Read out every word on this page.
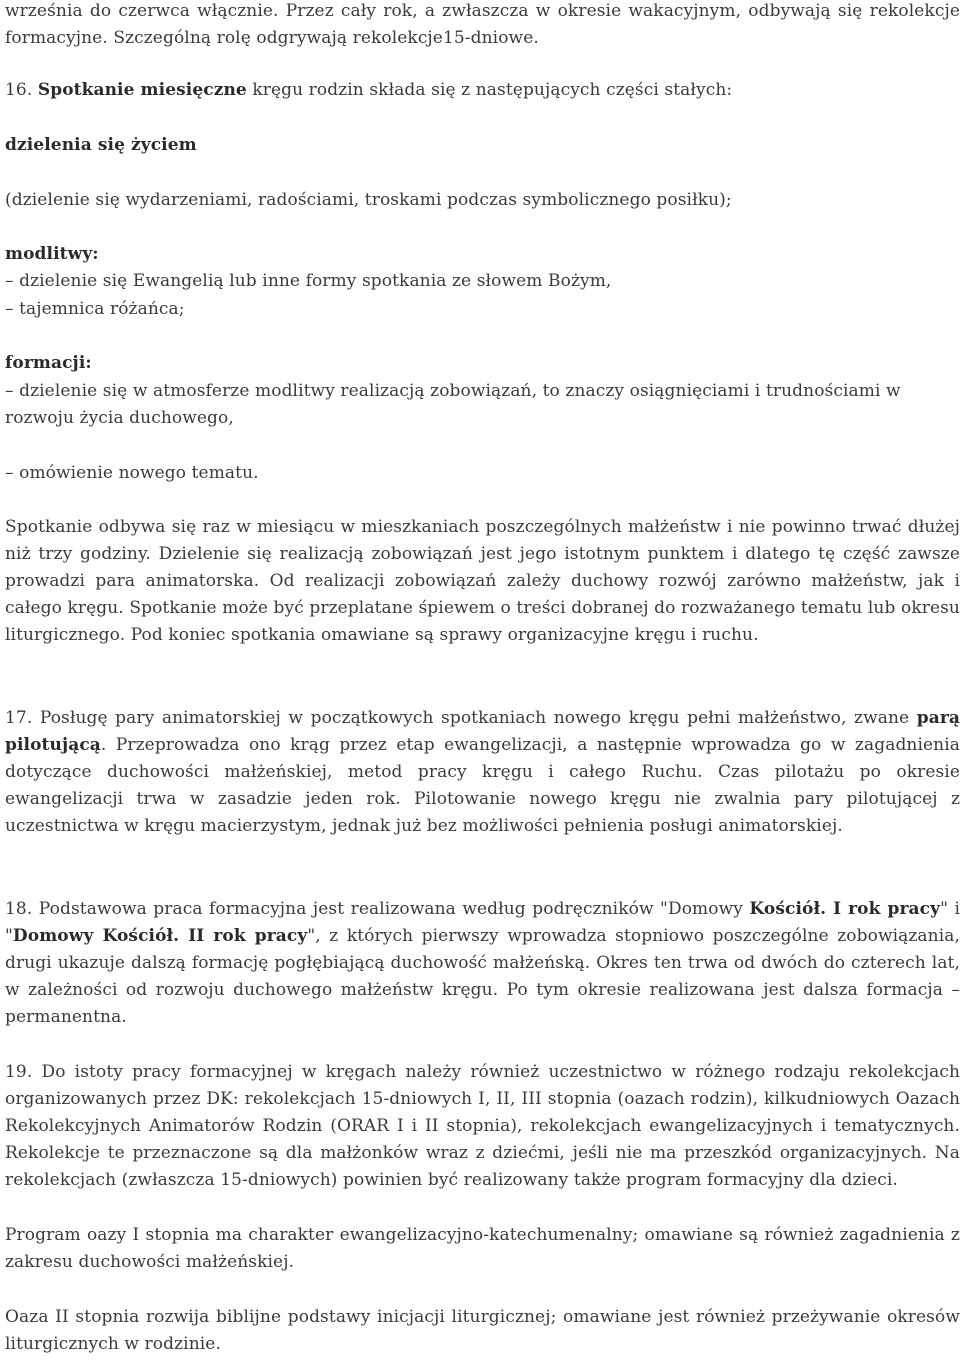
września do czerwca włącznie. Przez cały rok, a zwłaszcza w okresie wakacyjnym, odbywają się rekolekcje formacyjne. Szczególną rolę odgrywają rekolekcje15-dniowe.

16. Spotkanie miesięczne kręgu rodzin składa się z następujących części stałych:

dzielenia się życiem

(dzielenie się wydarzeniami, radościami, troskami podczas symbolicznego posiłku);

modlitwy:

– dzielenie się Ewangelią lub inne formy spotkania ze słowem Bożym,

– tajemnica różańca;

formacji:

– dzielenie się w atmosferze modlitwy realizacją zobowiązań, to znaczy osiągnięciami i trudnościami w rozwoju życia duchowego,

– omówienie nowego tematu.

Spotkanie odbywa się raz w miesiącu w mieszkaniach poszczególnych małżeństw i nie powinno trwać dłużej niż trzy godziny. Dzielenie się realizacją zobowiązań jest jego istotnym punktem i dlatego tę część zawsze prowadzi para animatorska. Od realizacji zobowiązań zależy duchowy rozwój zarówno małżeństw, jak i całego kręgu. Spotkanie może być przeplatane śpiewem o treści dobranej do rozważanego tematu lub okresu liturgicznego. Pod koniec spotkania omawiane są sprawy organizacyjne kręgu i ruchu.

17. Posługę pary animatorskiej w początkowych spotkaniach nowego kręgu pełni małżeństwo, zwane parą pilotującą. Przeprowadza ono krąg przez etap ewangelizacji, a następnie wprowadza go w zagadnienia dotyczące duchowości małżeńskiej, metod pracy kręgu i całego Ruchu. Czas pilotażu po okresie ewangelizacji trwa w zasadzie jeden rok. Pilotowanie nowego kręgu nie zwalnia pary pilotującej z uczestnictwa w kręgu macierzystym, jednak już bez możliwości pełnienia posługi animatorskiej.

18. Podstawowa praca formacyjna jest realizowana według podręczników "Domowy Kościół. I rok pracy" i "Domowy Kościół. II rok pracy", z których pierwszy wprowadza stopniowo poszczególne zobowiązania, drugi ukazuje dalszą formację pogłębiającą duchowość małżeńską. Okres ten trwa od dwóch do czterech lat, w zależności od rozwoju duchowego małżeństw kręgu. Po tym okresie realizowana jest dalsza formacja – permanentna.

19. Do istoty pracy formacyjnej w kręgach należy również uczestnictwo w różnego rodzaju rekolekcjach organizowanych przez DK: rekolekcjach 15-dniowych I, II, III stopnia (oazach rodzin), kilkudniowych Oazach Rekolekcyjnych Animatorów Rodzin (ORAR I i II stopnia), rekolekcjach ewangelizacyjnych i tematycznych. Rekolekcje te przeznaczone są dla małżonków wraz z dziećmi, jeśli nie ma przeszkód organizacyjnych. Na rekolekcjach (zwłaszcza 15-dniowych) powinien być realizowany także program formacyjny dla dzieci.

Program oazy I stopnia ma charakter ewangelizacyjno-katechumenalny; omawiane są również zagadnienia z zakresu duchowości małżeńskiej.

Oaza II stopnia rozwija biblijne podstawy inicjacji liturgicznej; omawiane jest również przeżywanie okresów liturgicznych w rodzinie.
